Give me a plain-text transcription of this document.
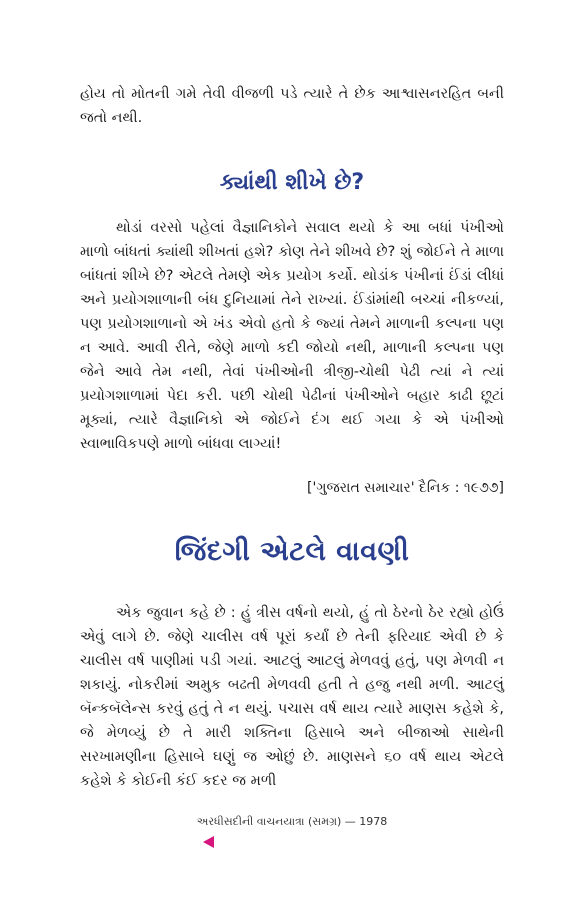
હોય તો મોતની ગમે તેવી વીજળી પડે ત્યારે તે છેક આશ્વાસનરહિત બની જતો નથી.

ક્યાંથી શીખે છે?

થોડાં વરસો પહેલાં વૈજ્ઞાનિકોને સવાલ થયો કે આ બધાં પંખીઓ માળો બાંધતાં ક્યાંથી શીખતાં હશે? કોણ તેને શીખવે છે? શું જોઈને તે માળા બાંધતાં શીખે છે? એટલે તેમણે એક પ્રયોગ કર્યો. થોડાંક પંખીનાં ઈંડાં લીધાં અને પ્રયોગશાળાની બંધ દુનિયામાં તેને રાખ્યાં. ઈંડાંમાંથી બચ્ચાં નીકળ્યાં, પણ પ્રયોગશાળાનો એ ખંડ એવો હતો કે જ્યાં તેમને માળાની કલ્પના પણ ન આવે. આવી રીતે, જેણે માળો કદી જોયો નથી, માળાની કલ્પના પણ જેને આવે તેમ નથી, તેવાં પંખીઓની ત્રીજી-ચોથી પેઢી ત્યાં ને ત્યાં પ્રયોગશાળામાં પેદા કરી. પછી ચોથી પેઢીનાં પંખીઓને બહાર કાઢી છૂટાં મૂક્યાં, ત્યારે વૈજ્ઞાનિકો એ જોઈને દંગ થઈ ગયા કે એ પંખીઓ સ્વાભાવિકપણે માળો બાંધવા લાગ્યાં!

['ગુજરાત સમાચાર' દૈનિક : ૧૯૭૭]
જિંદગી એટલે વાવણી

એક જુવાન કહે છે : હું ત્રીસ વર્ષનો થયો, હું તો ઠેરનો ઠેર રહ્યો હોઉં એવું લાગે છે. જેણે ચાલીસ વર્ષ પૂરાં કર્યાં છે તેની ફરિયાદ એવી છે કે ચાલીસ વર્ષ પાણીમાં પડી ગયાં. આટલું આટલું મેળવવું હતું, પણ મેળવી ન શકાયું. નોકરીમાં અમુક બઢતી મેળવવી હતી તે હજુ નથી મળી. આટલું બૅન્કબૅલેન્સ કરવું હતું તે ન થયું. પચાસ વર્ષ થાય ત્યારે માણસ કહેશે કે, જે મેળવ્યું છે તે મારી શક્તિના હિસાબે અને બીજાઓ સાથેની સરખામણીના હિસાબે ઘણું જ ઓછું છે. માણસને ૬૦ વર્ષ થાય એટલે કહેશે કે કોઈની કંઈ કદર જ મળી

અરધીસદીની વાચનયાત્રા (સમગ્ર) — 1978
